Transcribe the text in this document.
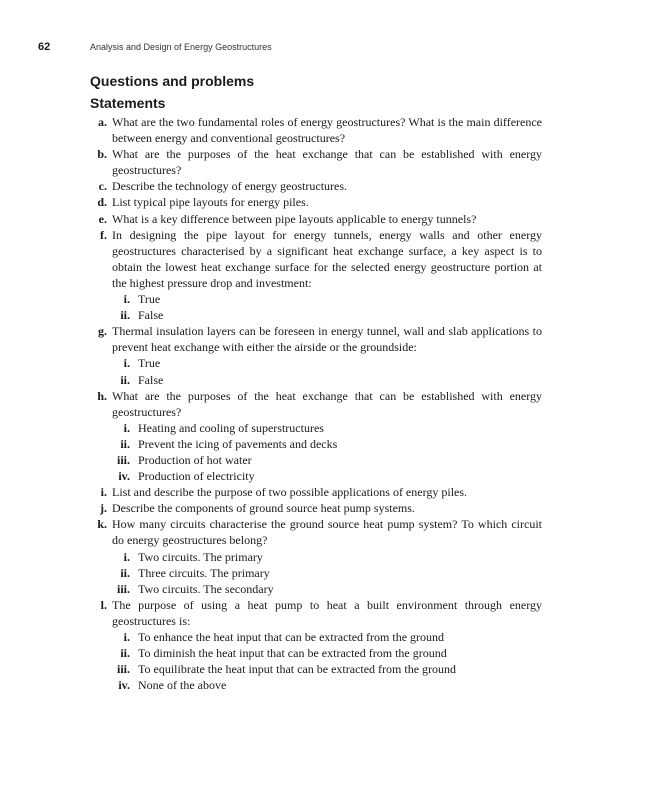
62	Analysis and Design of Energy Geostructures
Questions and problems
Statements
a. What are the two fundamental roles of energy geostructures? What is the main difference between energy and conventional geostructures?
b. What are the purposes of the heat exchange that can be established with energy geostructures?
c. Describe the technology of energy geostructures.
d. List typical pipe layouts for energy piles.
e. What is a key difference between pipe layouts applicable to energy tunnels?
f. In designing the pipe layout for energy tunnels, energy walls and other energy geostructures characterised by a significant heat exchange surface, a key aspect is to obtain the lowest heat exchange surface for the selected energy geostructure portion at the highest pressure drop and investment:
i. True
ii. False
g. Thermal insulation layers can be foreseen in energy tunnel, wall and slab applications to prevent heat exchange with either the airside or the groundside:
i. True
ii. False
h. What are the purposes of the heat exchange that can be established with energy geostructures?
i. Heating and cooling of superstructures
ii. Prevent the icing of pavements and decks
iii. Production of hot water
iv. Production of electricity
i. List and describe the purpose of two possible applications of energy piles.
j. Describe the components of ground source heat pump systems.
k. How many circuits characterise the ground source heat pump system? To which circuit do energy geostructures belong?
i. Two circuits. The primary
ii. Three circuits. The primary
iii. Two circuits. The secondary
l. The purpose of using a heat pump to heat a built environment through energy geostructures is:
i. To enhance the heat input that can be extracted from the ground
ii. To diminish the heat input that can be extracted from the ground
iii. To equilibrate the heat input that can be extracted from the ground
iv. None of the above
